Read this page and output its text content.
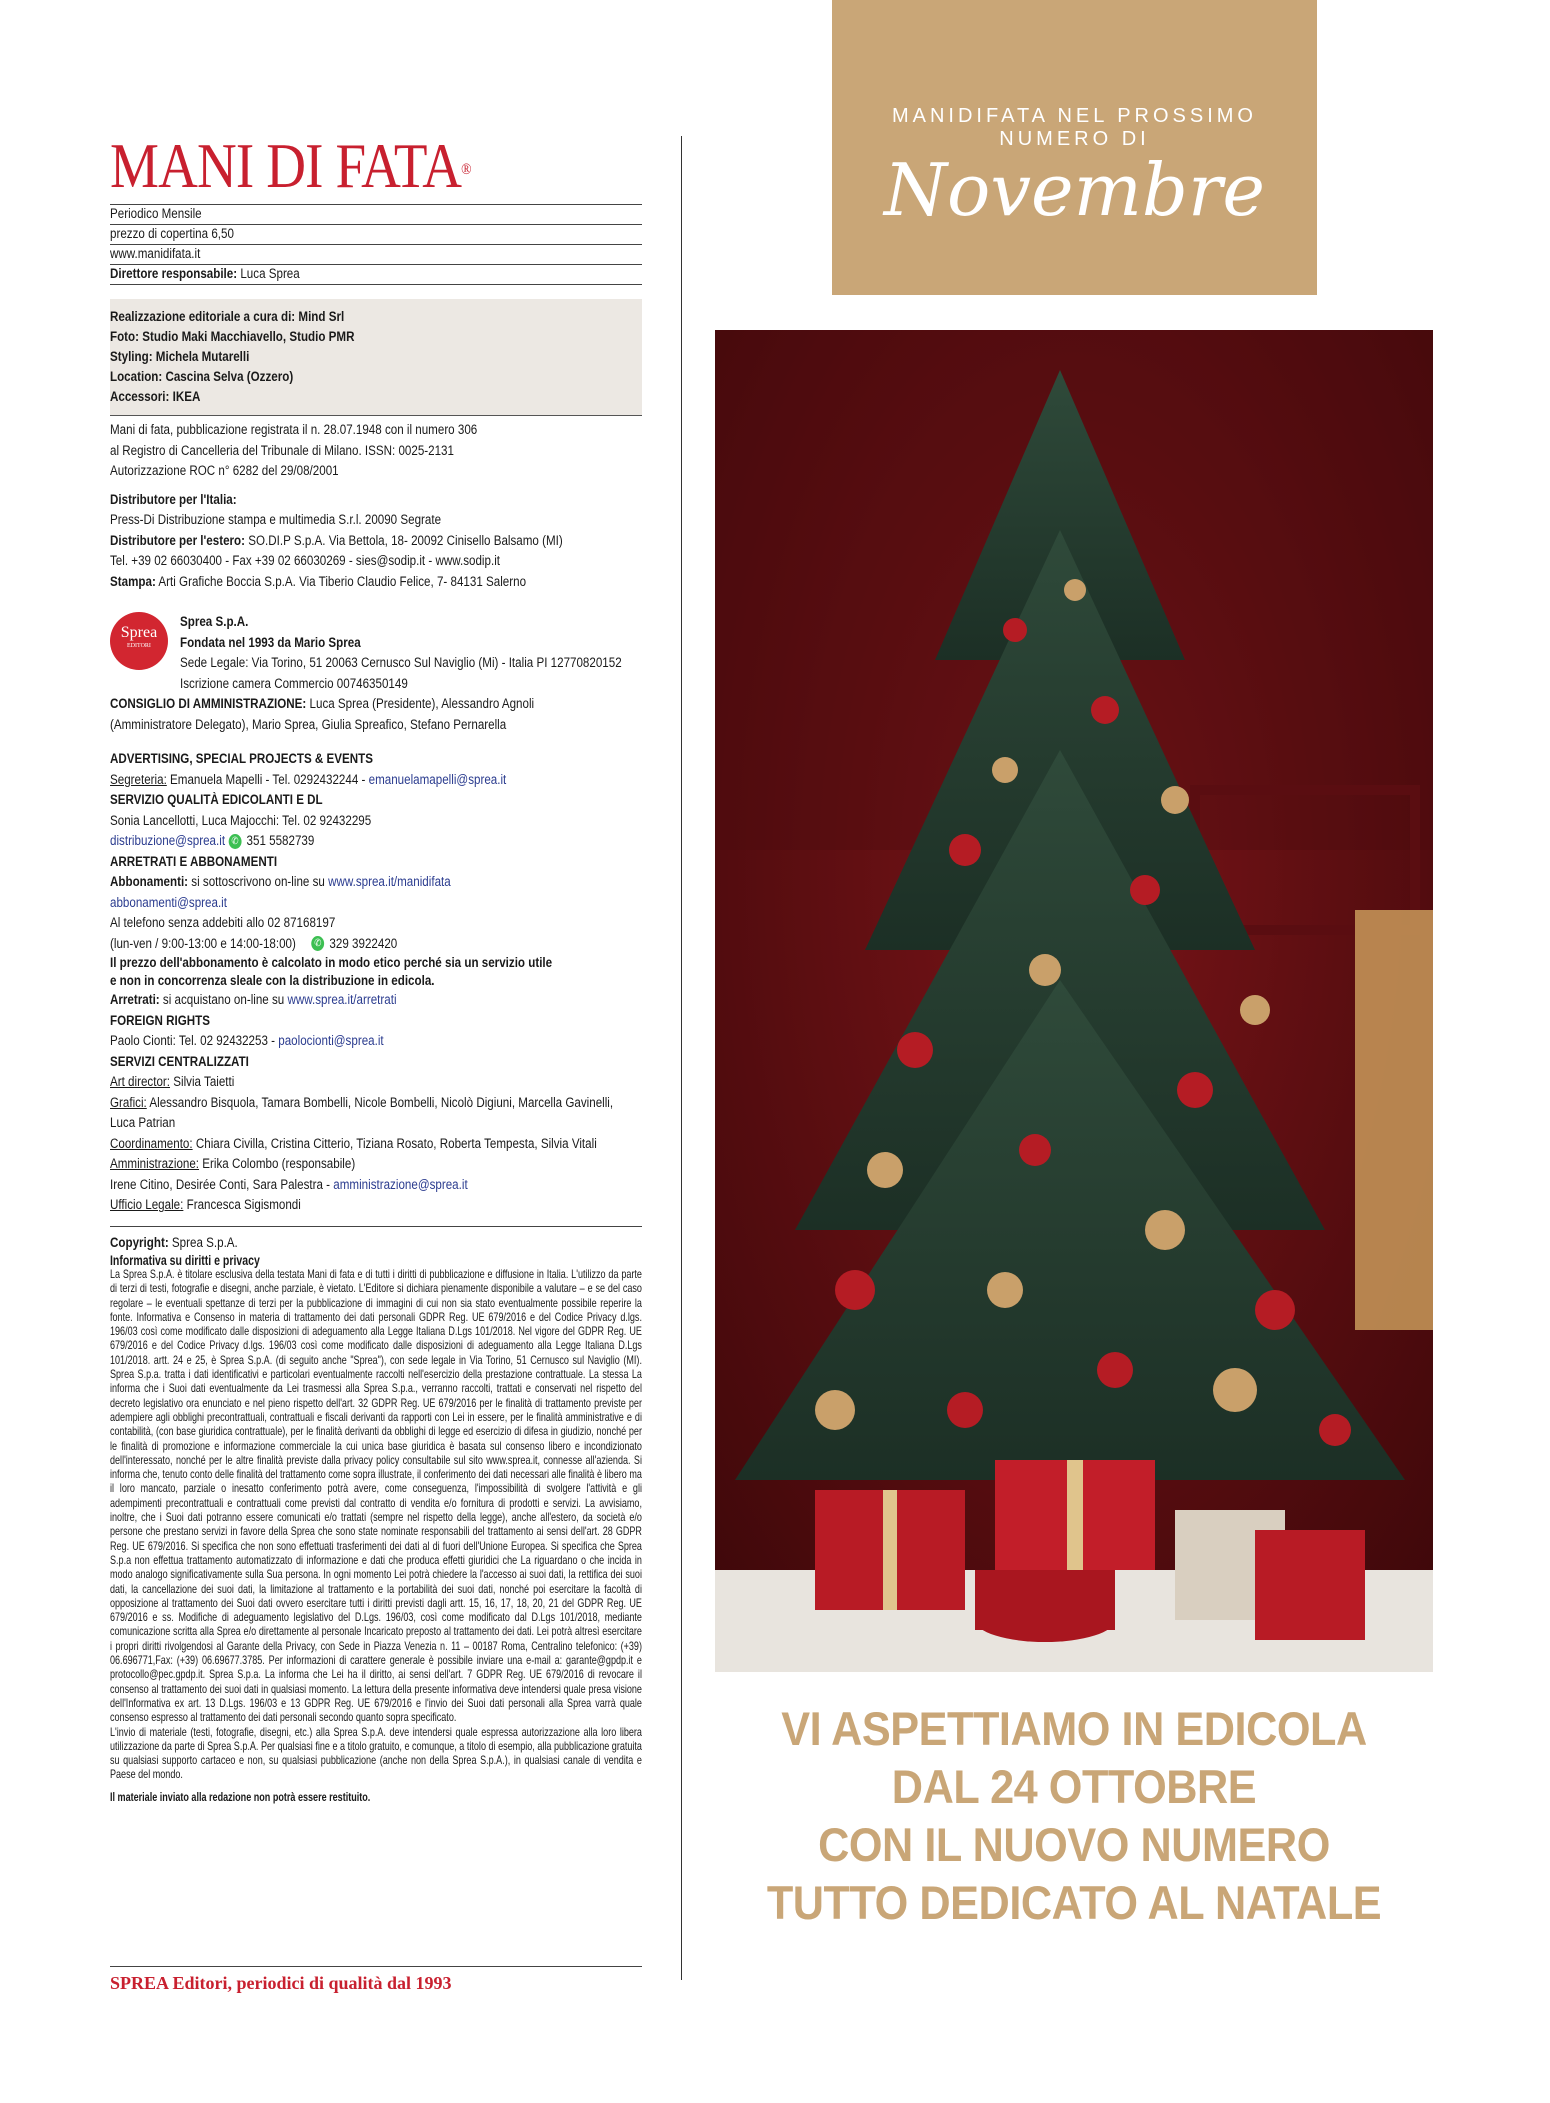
MANI DI FATA®
Periodico Mensile
prezzo di copertina 6,50
www.manidifata.it
Direttore responsabile: Luca Sprea
Realizzazione editoriale a cura di: Mind Srl
Foto: Studio Maki Macchiavello, Studio PMR
Styling: Michela Mutarelli
Location: Cascina Selva (Ozzero)
Accessori: IKEA
Mani di fata, pubblicazione registrata il n. 28.07.1948 con il numero 306
al Registro di Cancelleria del Tribunale di Milano. ISSN: 0025-2131
Autorizzazione ROC n° 6282 del 29/08/2001
Distributore per l'Italia:
Press-Di Distribuzione stampa e multimedia S.r.l. 20090 Segrate
Distributore per l'estero: SO.DI.P S.p.A. Via Bettola, 18- 20092 Cinisello Balsamo (MI)
Tel. +39 02 66030400 - Fax +39 02 66030269 - sies@sodip.it - www.sodip.it
Stampa: Arti Grafiche Boccia S.p.A. Via Tiberio Claudio Felice, 7- 84131 Salerno
Sprea
EDITORI
Sprea S.p.A.
Fondata nel 1993 da Mario Sprea
Sede Legale: Via Torino, 51 20063 Cernusco Sul Naviglio (Mi) - Italia PI 12770820152
Iscrizione camera Commercio 00746350149
CONSIGLIO DI AMMINISTRAZIONE: Luca Sprea (Presidente), Alessandro Agnoli (Amministratore Delegato), Mario Sprea, Giulia Spreafico, Stefano Pernarella
ADVERTISING, SPECIAL PROJECTS & EVENTS
Segreteria: Emanuela Mapelli - Tel. 0292432244 - emanuelamapelli@sprea.it
SERVIZIO QUALITÀ EDICOLANTI E DL
Sonia Lancellotti, Luca Majocchi: Tel. 02 92432295
distribuzione@sprea.it ✆ 351 5582739
ARRETRATI E ABBONAMENTI
Abbonamenti: si sottoscrivono on-line su www.sprea.it/manidifata
abbonamenti@sprea.it
Al telefono senza addebiti allo 02 87168197
(lun-ven / 9:00-13:00 e 14:00-18:00) ✆ 329 3922420
Il prezzo dell'abbonamento è calcolato in modo etico perché sia un servizio utile
e non in concorrenza sleale con la distribuzione in edicola.
Arretrati: si acquistano on-line su www.sprea.it/arretrati
FOREIGN RIGHTS
Paolo Cionti: Tel. 02 92432253 - paolocionti@sprea.it
SERVIZI CENTRALIZZATI
Art director: Silvia Taietti
Grafici: Alessandro Bisquola, Tamara Bombelli, Nicole Bombelli, Nicolò Digiuni, Marcella Gavinelli, Luca Patrian
Coordinamento: Chiara Civilla, Cristina Citterio, Tiziana Rosato, Roberta Tempesta, Silvia Vitali
Amministrazione: Erika Colombo (responsabile)
Irene Citino, Desirée Conti, Sara Palestra - amministrazione@sprea.it
Ufficio Legale: Francesca Sigismondi
Copyright: Sprea S.p.A.
Informativa su diritti e privacy
La Sprea S.p.A. è titolare esclusiva della testata Mani di fata e di tutti i diritti di pubblicazione e diffusione in Italia. L'utilizzo da parte di terzi di testi, fotografie e disegni, anche parziale, è vietato. L'Editore si dichiara pienamente disponibile a valutare – e se del caso regolare – le eventuali spettanze di terzi per la pubblicazione di immagini di cui non sia stato eventualmente possibile reperire la fonte. Informativa e Consenso in materia di trattamento dei dati personali GDPR Reg. UE 679/2016 e del Codice Privacy d.lgs. 196/03 così come modificato dalle disposizioni di adeguamento alla Legge Italiana D.Lgs 101/2018. Nel vigore del GDPR Reg. UE 679/2016 e del Codice Privacy d.lgs. 196/03 così come modificato dalle disposizioni di adeguamento alla Legge Italiana D.Lgs 101/2018. artt. 24 e 25, è Sprea S.p.A. (di seguito anche "Sprea"), con sede legale in Via Torino, 51 Cernusco sul Naviglio (MI). Sprea S.p.a. tratta i dati identificativi e particolari eventualmente raccolti nell'esercizio della prestazione contrattuale. La stessa La informa che i Suoi dati eventualmente da Lei trasmessi alla Sprea S.p.a., verranno raccolti, trattati e conservati nel rispetto del decreto legislativo ora enunciato e nel pieno rispetto dell'art. 32 GDPR Reg. UE 679/2016 per le finalità di trattamento previste per adempiere agli obblighi precontrattuali, contrattuali e fiscali derivanti da rapporti con Lei in essere, per le finalità amministrative e di contabilità, (con base giuridica contrattuale), per le finalità derivanti da obblighi di legge ed esercizio di difesa in giudizio, nonché per le finalità di promozione e informazione commerciale la cui unica base giuridica è basata sul consenso libero e incondizionato dell'interessato, nonché per le altre finalità previste dalla privacy policy consultabile sul sito www.sprea.it, connesse all'azienda. Si informa che, tenuto conto delle finalità del trattamento come sopra illustrate, il conferimento dei dati necessari alle finalità è libero ma il loro mancato, parziale o inesatto conferimento potrà avere, come conseguenza, l'impossibilità di svolgere l'attività e gli adempimenti precontrattuali e contrattuali come previsti dal contratto di vendita e/o fornitura di prodotti e servizi. La avvisiamo, inoltre, che i Suoi dati potranno essere comunicati e/o trattati (sempre nel rispetto della legge), anche all'estero, da società e/o persone che prestano servizi in favore della Sprea che sono state nominate responsabili del trattamento ai sensi dell'art. 28 GDPR Reg. UE 679/2016. Si specifica che non sono effettuati trasferimenti dei dati al di fuori dell'Unione Europea. Si specifica che Sprea S.p.a non effettua trattamento automatizzato di informazione e dati che produca effetti giuridici che La riguardano o che incida in modo analogo significativamente sulla Sua persona. In ogni momento Lei potrà chiedere la l'accesso ai suoi dati, la rettifica dei suoi dati, la cancellazione dei suoi dati, la limitazione al trattamento e la portabilità dei suoi dati, nonché poi esercitare la facoltà di opposizione al trattamento dei Suoi dati ovvero esercitare tutti i diritti previsti dagli artt. 15, 16, 17, 18, 20, 21 del GDPR Reg. UE 679/2016 e ss. Modifiche di adeguamento legislativo del D.Lgs. 196/03, così come modificato dal D.Lgs 101/2018, mediante comunicazione scritta alla Sprea e/o direttamente al personale Incaricato preposto al trattamento dei dati. Lei potrà altresì esercitare i propri diritti rivolgendosi al Garante della Privacy, con Sede in Piazza Venezia n. 11 – 00187 Roma, Centralino telefonico: (+39) 06.696771,Fax: (+39) 06.69677.3785. Per informazioni di carattere generale è possibile inviare una e-mail a: garante@gpdp.it e protocollo@pec.gpdp.it. Sprea S.p.a. La informa che Lei ha il diritto, ai sensi dell'art. 7 GDPR Reg. UE 679/2016 di revocare il consenso al trattamento dei suoi dati in qualsiasi momento. La lettura della presente informativa deve intendersi quale presa visione dell'Informativa ex art. 13 D.Lgs. 196/03 e 13 GDPR Reg. UE 679/2016 e l'invio dei Suoi dati personali alla Sprea varrà quale consenso espresso al trattamento dei dati personali secondo quanto sopra specificato.
L'invio di materiale (testi, fotografie, disegni, etc.) alla Sprea S.p.A. deve intendersi quale espressa autorizzazione alla loro libera utilizzazione da parte di Sprea S.p.A. Per qualsiasi fine e a titolo gratuito, e comunque, a titolo di esempio, alla pubblicazione gratuita su qualsiasi supporto cartaceo e non, su qualsiasi pubblicazione (anche non della Sprea S.p.A.), in qualsiasi canale di vendita e Paese del mondo.
Il materiale inviato alla redazione non potrà essere restituito.
SPREA Editori, periodici di qualità dal 1993
MANIDIFATA NEL PROSSIMO NUMERO DI
Novembre
VI ASPETTIAMO IN EDICOLA
DAL 24 OTTOBRE
CON IL NUOVO NUMERO
TUTTO DEDICATO AL NATALE
